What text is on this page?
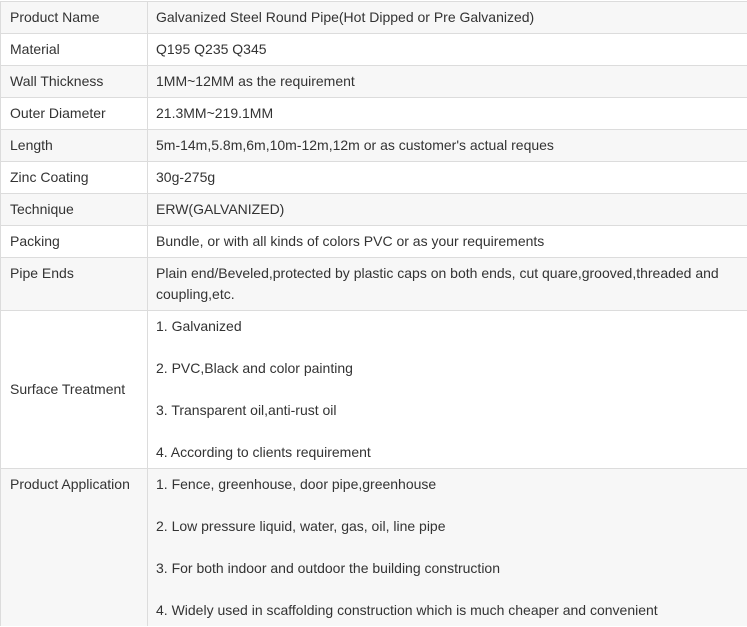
Product Name	Galvanized Steel Round Pipe(Hot Dipped or Pre Galvanized)
Material	Q195 Q235 Q345
Wall Thickness	1MM~12MM as the requirement
Outer Diameter	21.3MM~219.1MM
Length	5m-14m,5.8m,6m,10m-12m,12m or as customer's actual reques
Zinc Coating	30g-275g
Technique	ERW(GALVANIZED)
Packing	Bundle, or with all kinds of colors PVC or as your requirements
Pipe Ends	Plain end/Beveled,protected by plastic caps on both ends, cut quare,grooved,threaded and coupling,etc.
Surface Treatment	1. Galvanized

2. PVC,Black and color painting

3. Transparent oil,anti-rust oil

4. According to clients requirement

Product Application	1. Fence, greenhouse, door pipe,greenhouse

2. Low pressure liquid, water, gas, oil, line pipe

3. For both indoor and outdoor the building construction

4. Widely used in scaffolding construction which is much cheaper and convenient
